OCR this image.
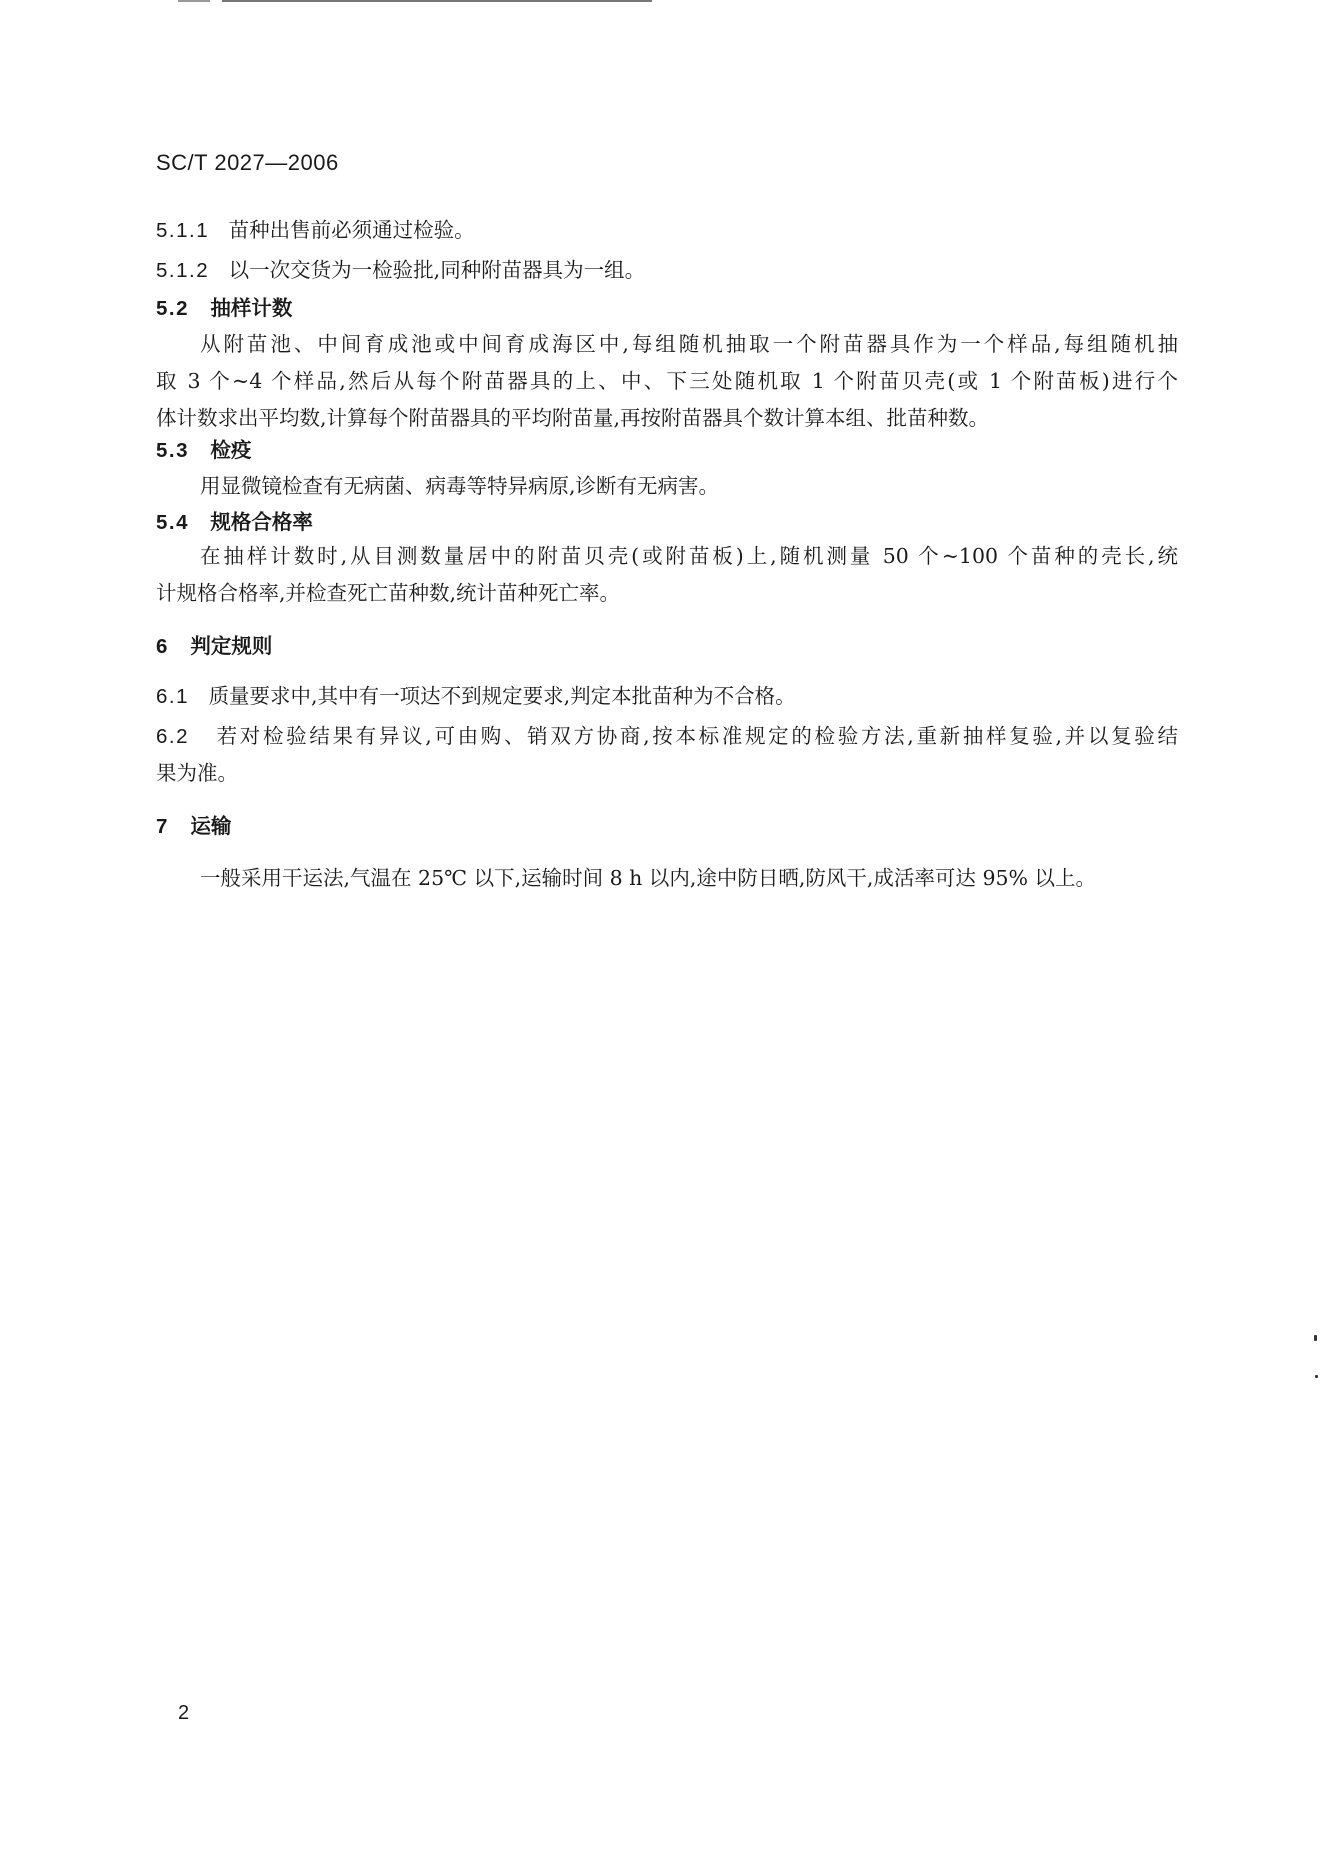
SC/T 2027—2006
5.1.1 苗种出售前必须通过检验。
5.1.2 以一次交货为一检验批,同种附苗器具为一组。
5.2 抽样计数
从附苗池、中间育成池或中间育成海区中,每组随机抽取一个附苗器具作为一个样品,每组随机抽
取 3 个~4 个样品,然后从每个附苗器具的上、中、下三处随机取 1 个附苗贝壳(或 1 个附苗板)进行个
体计数求出平均数,计算每个附苗器具的平均附苗量,再按附苗器具个数计算本组、批苗种数。
5.3 检疫
用显微镜检查有无病菌、病毒等特异病原,诊断有无病害。
5.4 规格合格率
在抽样计数时,从目测数量居中的附苗贝壳(或附苗板)上,随机测量 50 个~100 个苗种的壳长,统
计规格合格率,并检查死亡苗种数,统计苗种死亡率。
6 判定规则
6.1 质量要求中,其中有一项达不到规定要求,判定本批苗种为不合格。
6.2 若对检验结果有异议,可由购、销双方协商,按本标准规定的检验方法,重新抽样复验,并以复验结
果为准。
7 运输
一般采用干运法,气温在 25℃ 以下,运输时间 8 h 以内,途中防日晒,防风干,成活率可达 95% 以上。
2
